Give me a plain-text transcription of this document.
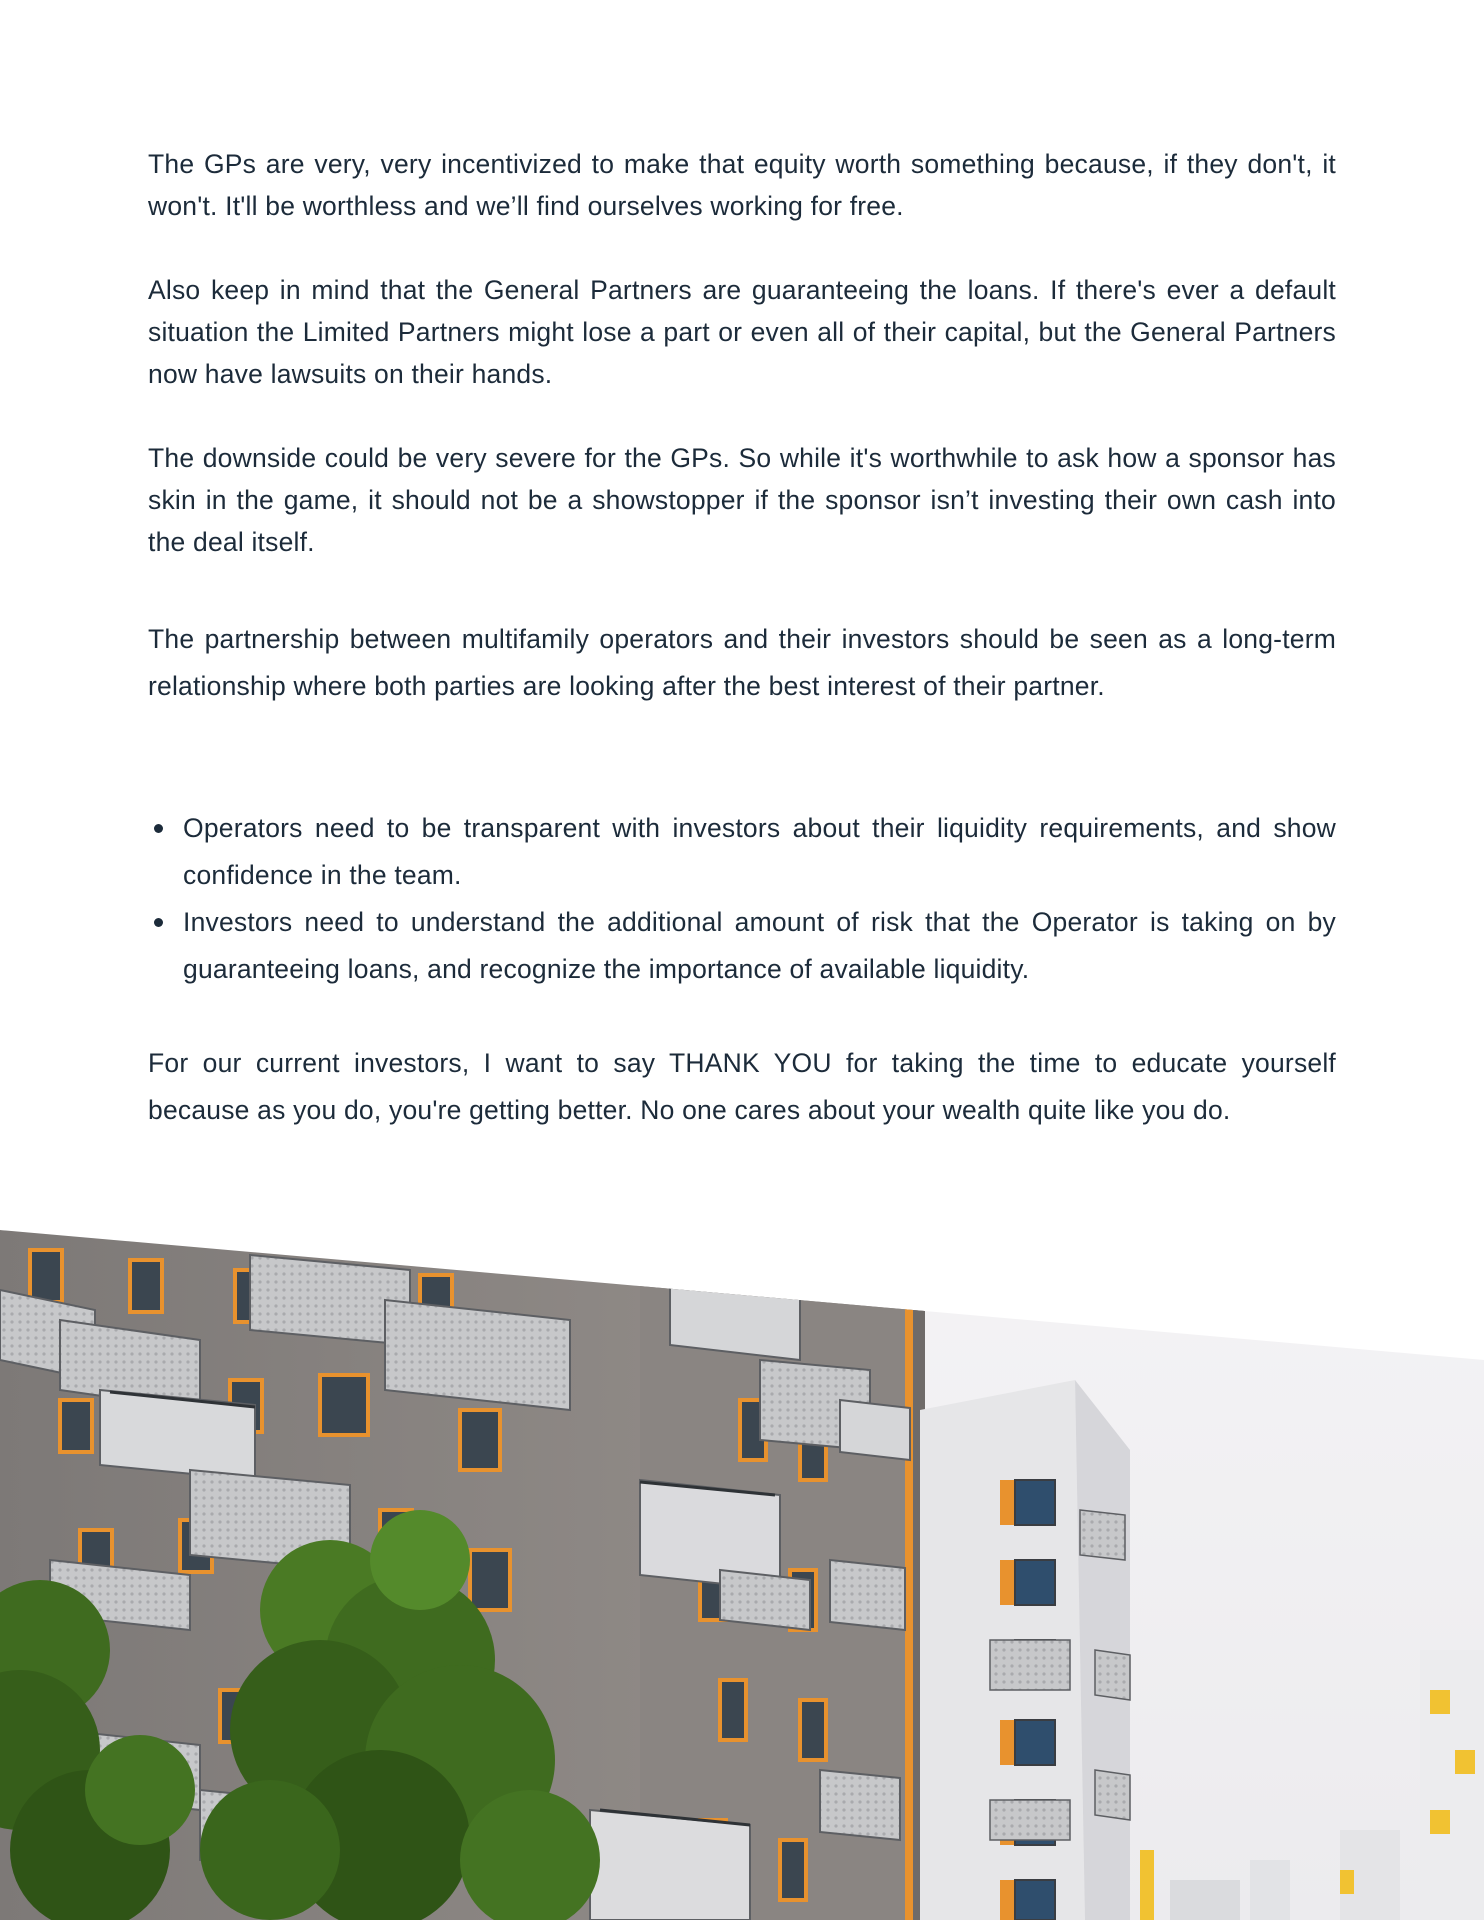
The GPs are very, very incentivized to make that equity worth something because, if they don't, it won't. It'll be worthless and we’ll find ourselves working for free.

Also keep in mind that the General Partners are guaranteeing the loans. If there's ever a default situation the Limited Partners might lose a part or even all of their capital, but the General Partners now have lawsuits on their hands.

The downside could be very severe for the GPs. So while it's worthwhile to ask how a sponsor has skin in the game, it should not be a showstopper if the sponsor isn’t investing their own cash into the deal itself.

The partnership between multifamily operators and their investors should be seen as a long-term relationship where both parties are looking after the best interest of their partner.

Operators need to be transparent with investors about their liquidity requirements, and show confidence in the team.
Investors need to understand the additional amount of risk that the Operator is taking on by guaranteeing loans, and recognize the importance of available liquidity.

For our current investors, I want to say THANK YOU for taking the time to educate yourself because as you do, you're getting better. No one cares about your wealth quite like you do.
